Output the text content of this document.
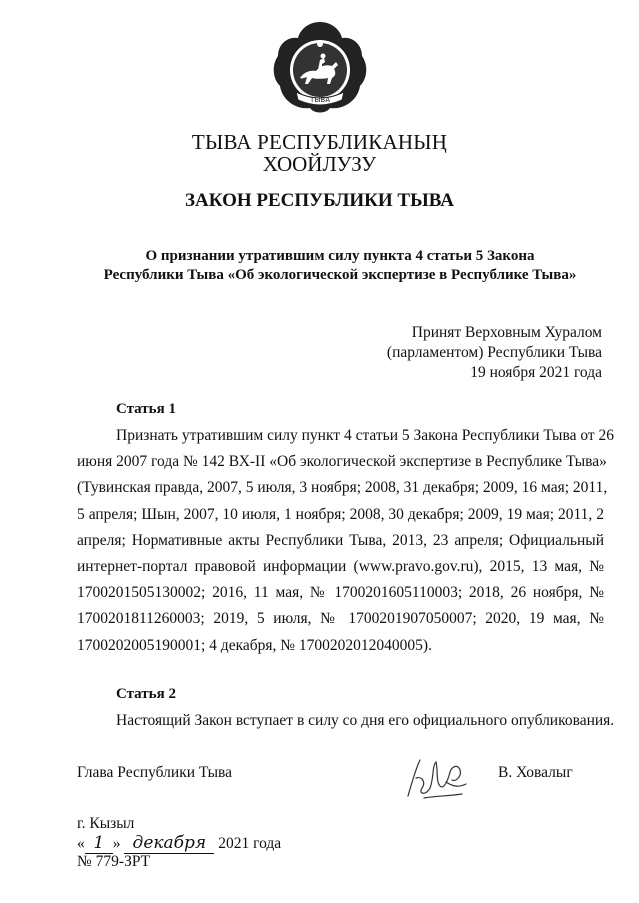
ТЫВА
ТЫВА РЕСПУБЛИКАНЫҢ
ХООЙЛУЗУ
ЗАКОН РЕСПУБЛИКИ ТЫВА
О признании утратившим силу пункта 4 статьи 5 Закона
Республики Тыва «Об экологической экспертизе в Республике Тыва»
Принят Верховным Хуралом
(парламентом) Республики Тыва
19 ноября 2021 года
Статья 1
Признать утратившим силу пункт 4 статьи 5 Закона Республики Тыва от 26
июня 2007 года № 142 ВХ-II «Об экологической экспертизе в Республике Тыва»
(Тувинская правда, 2007, 5 июля, 3 ноября; 2008, 31 декабря; 2009, 16 мая; 2011,
5 апреля; Шын, 2007, 10 июля, 1 ноября; 2008, 30 декабря; 2009, 19 мая; 2011, 2
апреля; Нормативные акты Республики Тыва, 2013, 23 апреля; Официальный
интернет-портал правовой информации (www.pravo.gov.ru), 2015, 13 мая, №
1700201505130002; 2016, 11 мая, № 1700201605110003; 2018, 26 ноября, №
1700201811260003; 2019, 5 июля, № 1700201907050007; 2020, 19 мая, №
1700202005190001; 4 декабря, № 1700202012040005).
Статья 2
Настоящий Закон вступает в силу со дня его официального опубликования.
Глава Республики Тыва	В. Ховалыг
г. Кызыл
« 1 » декабря 2021 года
№ 779-ЗРТ
